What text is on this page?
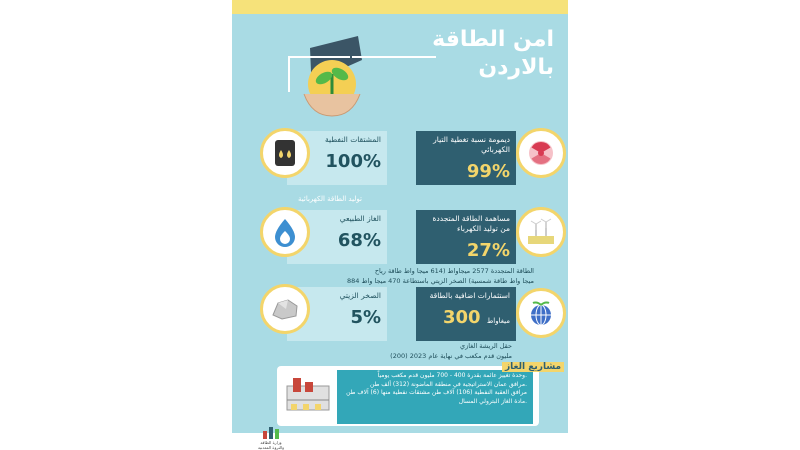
امن الطاقة
بالاردن
المشتقات النفطية
100%
ديمومة نسبة تغطية التيار الكهربائي
99%
توليد الطاقة الكهربائية
الغاز الطبيعي
68%
مساهمة الطاقة المتجددة من توليد الكهرباء
27%
الطاقة المتجددة 2577 ميجاواط (614 ميجا واط طاقة رياح
884 ميجا واط طاقة شمسية) الصخر الزيتي باستطاعة 470 ميجا واط
الصخر الزيتي
5%
استثمارات اضافية بالطاقة
300 ميغاواط
حقل الريشة الغازي
(200) مليون قدم مكعب في نهاية عام 2023
وحدة تغييز عائمة بقدرة 400 - 700 مليون قدم مكعب يومياً.
مرافق عمان الاستراتيجية في منطقة الماضونة (312) ألف طن.
مرافق العقبة النفطية (106) آلاف طن مشتقات نفطية منها (6) آلاف طن
مادة الغاز البترولي المسال.
مشاريع الغاز
وزارة الطاقة والثروة المعدنية
